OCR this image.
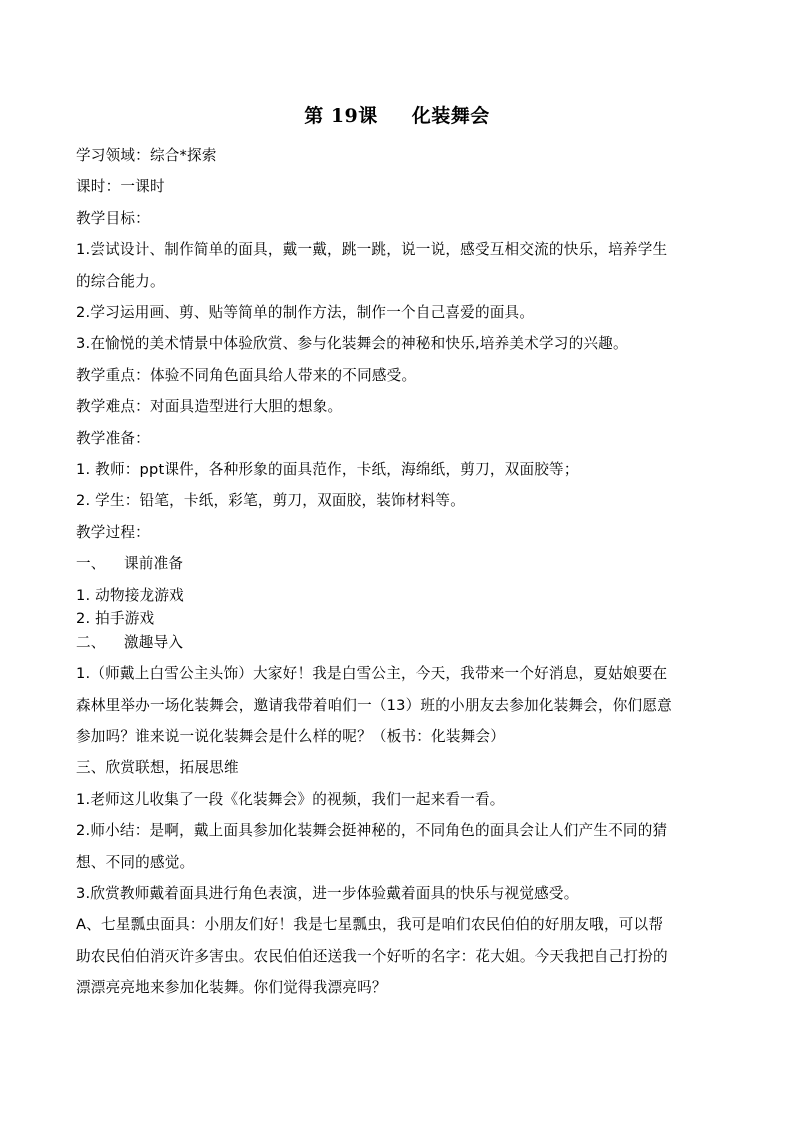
第 19课 化装舞会
学习领域：综合*探索
课时：一课时
教学目标：
1.尝试设计、制作简单的面具，戴一戴，跳一跳，说一说，感受互相交流的快乐，培养学生
的综合能力。
2.学习运用画、剪、贴等简单的制作方法，制作一个自己喜爱的面具。
3.在愉悦的美术情景中体验欣赏、参与化装舞会的神秘和快乐,培养美术学习的兴趣。
教学重点：体验不同角色面具给人带来的不同感受。
教学难点：对面具造型进行大胆的想象。
教学准备：
1. 教师：ppt课件，各种形象的面具范作，卡纸，海绵纸，剪刀，双面胶等；
2. 学生：铅笔，卡纸，彩笔，剪刀，双面胶，装饰材料等。
教学过程：
一、 课前准备
1. 动物接龙游戏
2. 拍手游戏
二、 激趣导入
1.（师戴上白雪公主头饰）大家好！我是白雪公主，今天，我带来一个好消息，夏姑娘要在
森林里举办一场化装舞会，邀请我带着咱们一（13）班的小朋友去参加化装舞会，你们愿意
参加吗？谁来说一说化装舞会是什么样的呢？（板书：化装舞会）
三、欣赏联想，拓展思维
1.老师这儿收集了一段《化装舞会》的视频，我们一起来看一看。
2.师小结：是啊，戴上面具参加化装舞会挺神秘的，不同角色的面具会让人们产生不同的猜
想、不同的感觉。
3.欣赏教师戴着面具进行角色表演，进一步体验戴着面具的快乐与视觉感受。
A、七星瓢虫面具：小朋友们好！我是七星瓢虫，我可是咱们农民伯伯的好朋友哦，可以帮
助农民伯伯消灭许多害虫。农民伯伯还送我一个好听的名字：花大姐。今天我把自己打扮的
漂漂亮亮地来参加化装舞。你们觉得我漂亮吗？
